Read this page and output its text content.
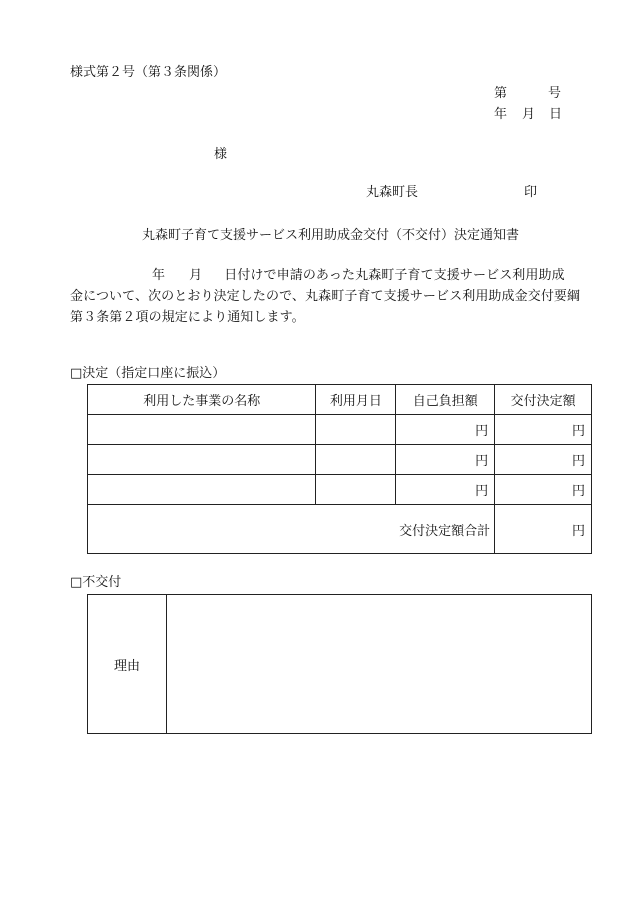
様式第２号（第３条関係）
第	号
年 月 日
様
丸森町長	印
丸森町子育て支援サービス利用助成金交付（不交付）決定通知書
年 月 日付けで申請のあった丸森町子育て支援サービス利用助成
金について、次のとおり決定したので、丸森町子育て支援サービス利用助成金交付要綱
第３条第２項の規定により通知します。
□決定（指定口座に振込）
利用した事業の名称	利用月日	自己負担額	交付決定額
		円	円
		円	円
		円	円
交付決定額合計			円
□不交付
理由	
